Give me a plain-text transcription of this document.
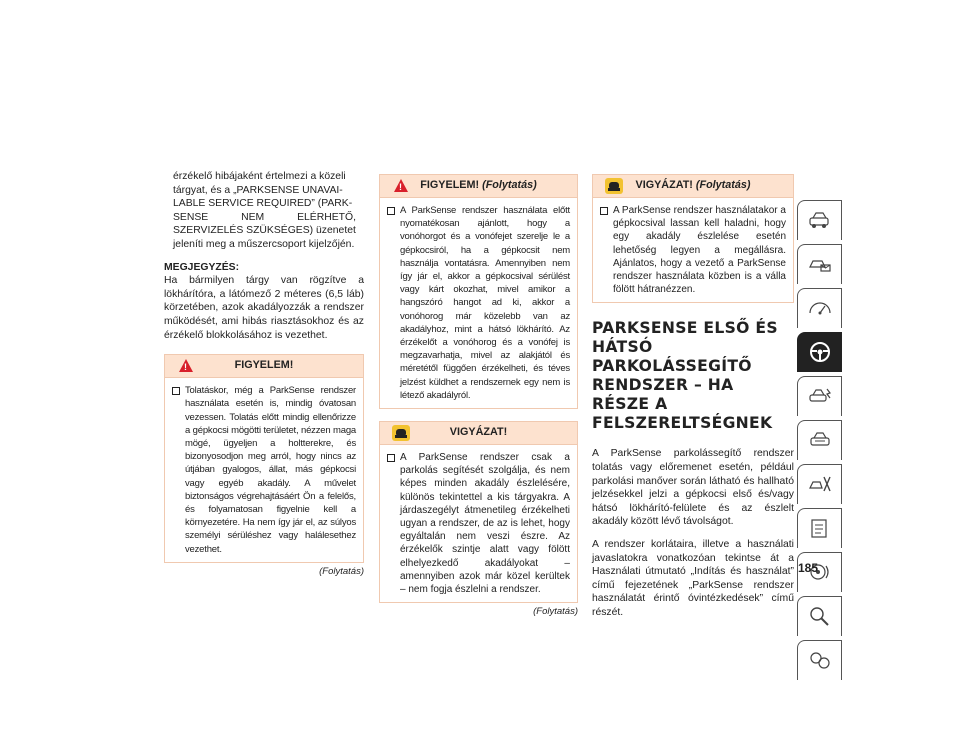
érzékelő hibájaként értelmezi a közeli
tárgyat, és a „PARKSENSE UNAVAI-
LABLE SERVICE REQUIRED” (PARK-
SENSE NEM ELÉRHETŐ,
SZERVIZELÉS SZÜKSÉGES) üzenetet
jeleníti meg a műszercsoport kijelzőjén.
MEGJEGYZÉS:
Ha bármilyen tárgy van rögzítve a lökhárítóra, a látómező 2 méteres (6,5 láb) körzetében, azok akadályozzák a rendszer működését, ami hibás riasztásokhoz és az érzékelő blokkolásához is vezethet.
!
FIGYELEM!
Tolatáskor, még a ParkSense rendszer használata esetén is, mindig óvatosan vezessen. Tolatás előtt mindig ellenőrizze a gépkocsi mögötti területet, nézzen maga mögé, ügyeljen a holtterekre, és bizonyosodjon meg arról, hogy nincs az útjában gyalogos, állat, más gépkocsi vagy egyéb akadály. A művelet biztonságos végrehajtásáért Ön a felelős, és folyamatosan figyelnie kell a környezetére. Ha nem így jár el, az súlyos személyi sérüléshez vagy halálesethez vezethet.
(Folytatás)
!
FIGYELEM! (Folytatás)
A ParkSense rendszer használata előtt nyomatékosan ajánlott, hogy a vonóhorgot és a vonófejet szerelje le a gépkocsiról, ha a gépkocsit nem használja vontatásra. Amennyiben nem így jár el, akkor a gépkocsival sérülést vagy kárt okozhat, mivel amikor a hangszóró hangot ad ki, akkor a vonóhorog már közelebb van az akadályhoz, mint a hátsó lökhárító. Az érzékelőt a vonóhorog és a vonófej is megzavarhatja, mivel az alakjától és méretétől függően érzékelheti, és téves jelzést küldhet a rendszernek egy nem is létező akadályról.
VIGYÁZAT!
A ParkSense rendszer csak a parkolás segítését szolgálja, és nem képes minden akadály észlelésére, különös tekintettel a kis tárgyakra. A járdaszegélyt átmenetileg érzékelheti ugyan a rendszer, de az is lehet, hogy egyáltalán nem veszi észre. Az érzékelők szintje alatt vagy fölött elhelyezkedő akadályokat – amennyiben azok már közel kerültek – nem fogja észlelni a rendszer.
(Folytatás)
VIGYÁZAT! (Folytatás)
A ParkSense rendszer használatakor a gépkocsival lassan kell haladni, hogy egy akadály észlelése esetén lehetőség legyen a megállásra. Ajánlatos, hogy a vezető a ParkSense rendszer használata közben is a válla fölött hátranézzen.
PARKSENSE ELSŐ ÉS HÁTSÓ PARKOLÁSSEGÍTŐ RENDSZER – HA RÉSZE A FELSZERELTSÉGNEK

A ParkSense parkolássegítő rendszer tolatás vagy előremenet esetén, például parkolási manőver során látható és hallható jelzésekkel jelzi a gépkocsi első és/vagy hátsó lökhárító-felülete és az észlelt akadály között lévő távolságot.

A rendszer korlátaira, illetve a használati javaslatokra vonatkozóan tekintse át a Használati útmutató „Indítás és használat” című fejezetének „ParkSense rendszer használatát érintő óvintézkedések” című részét.

185
